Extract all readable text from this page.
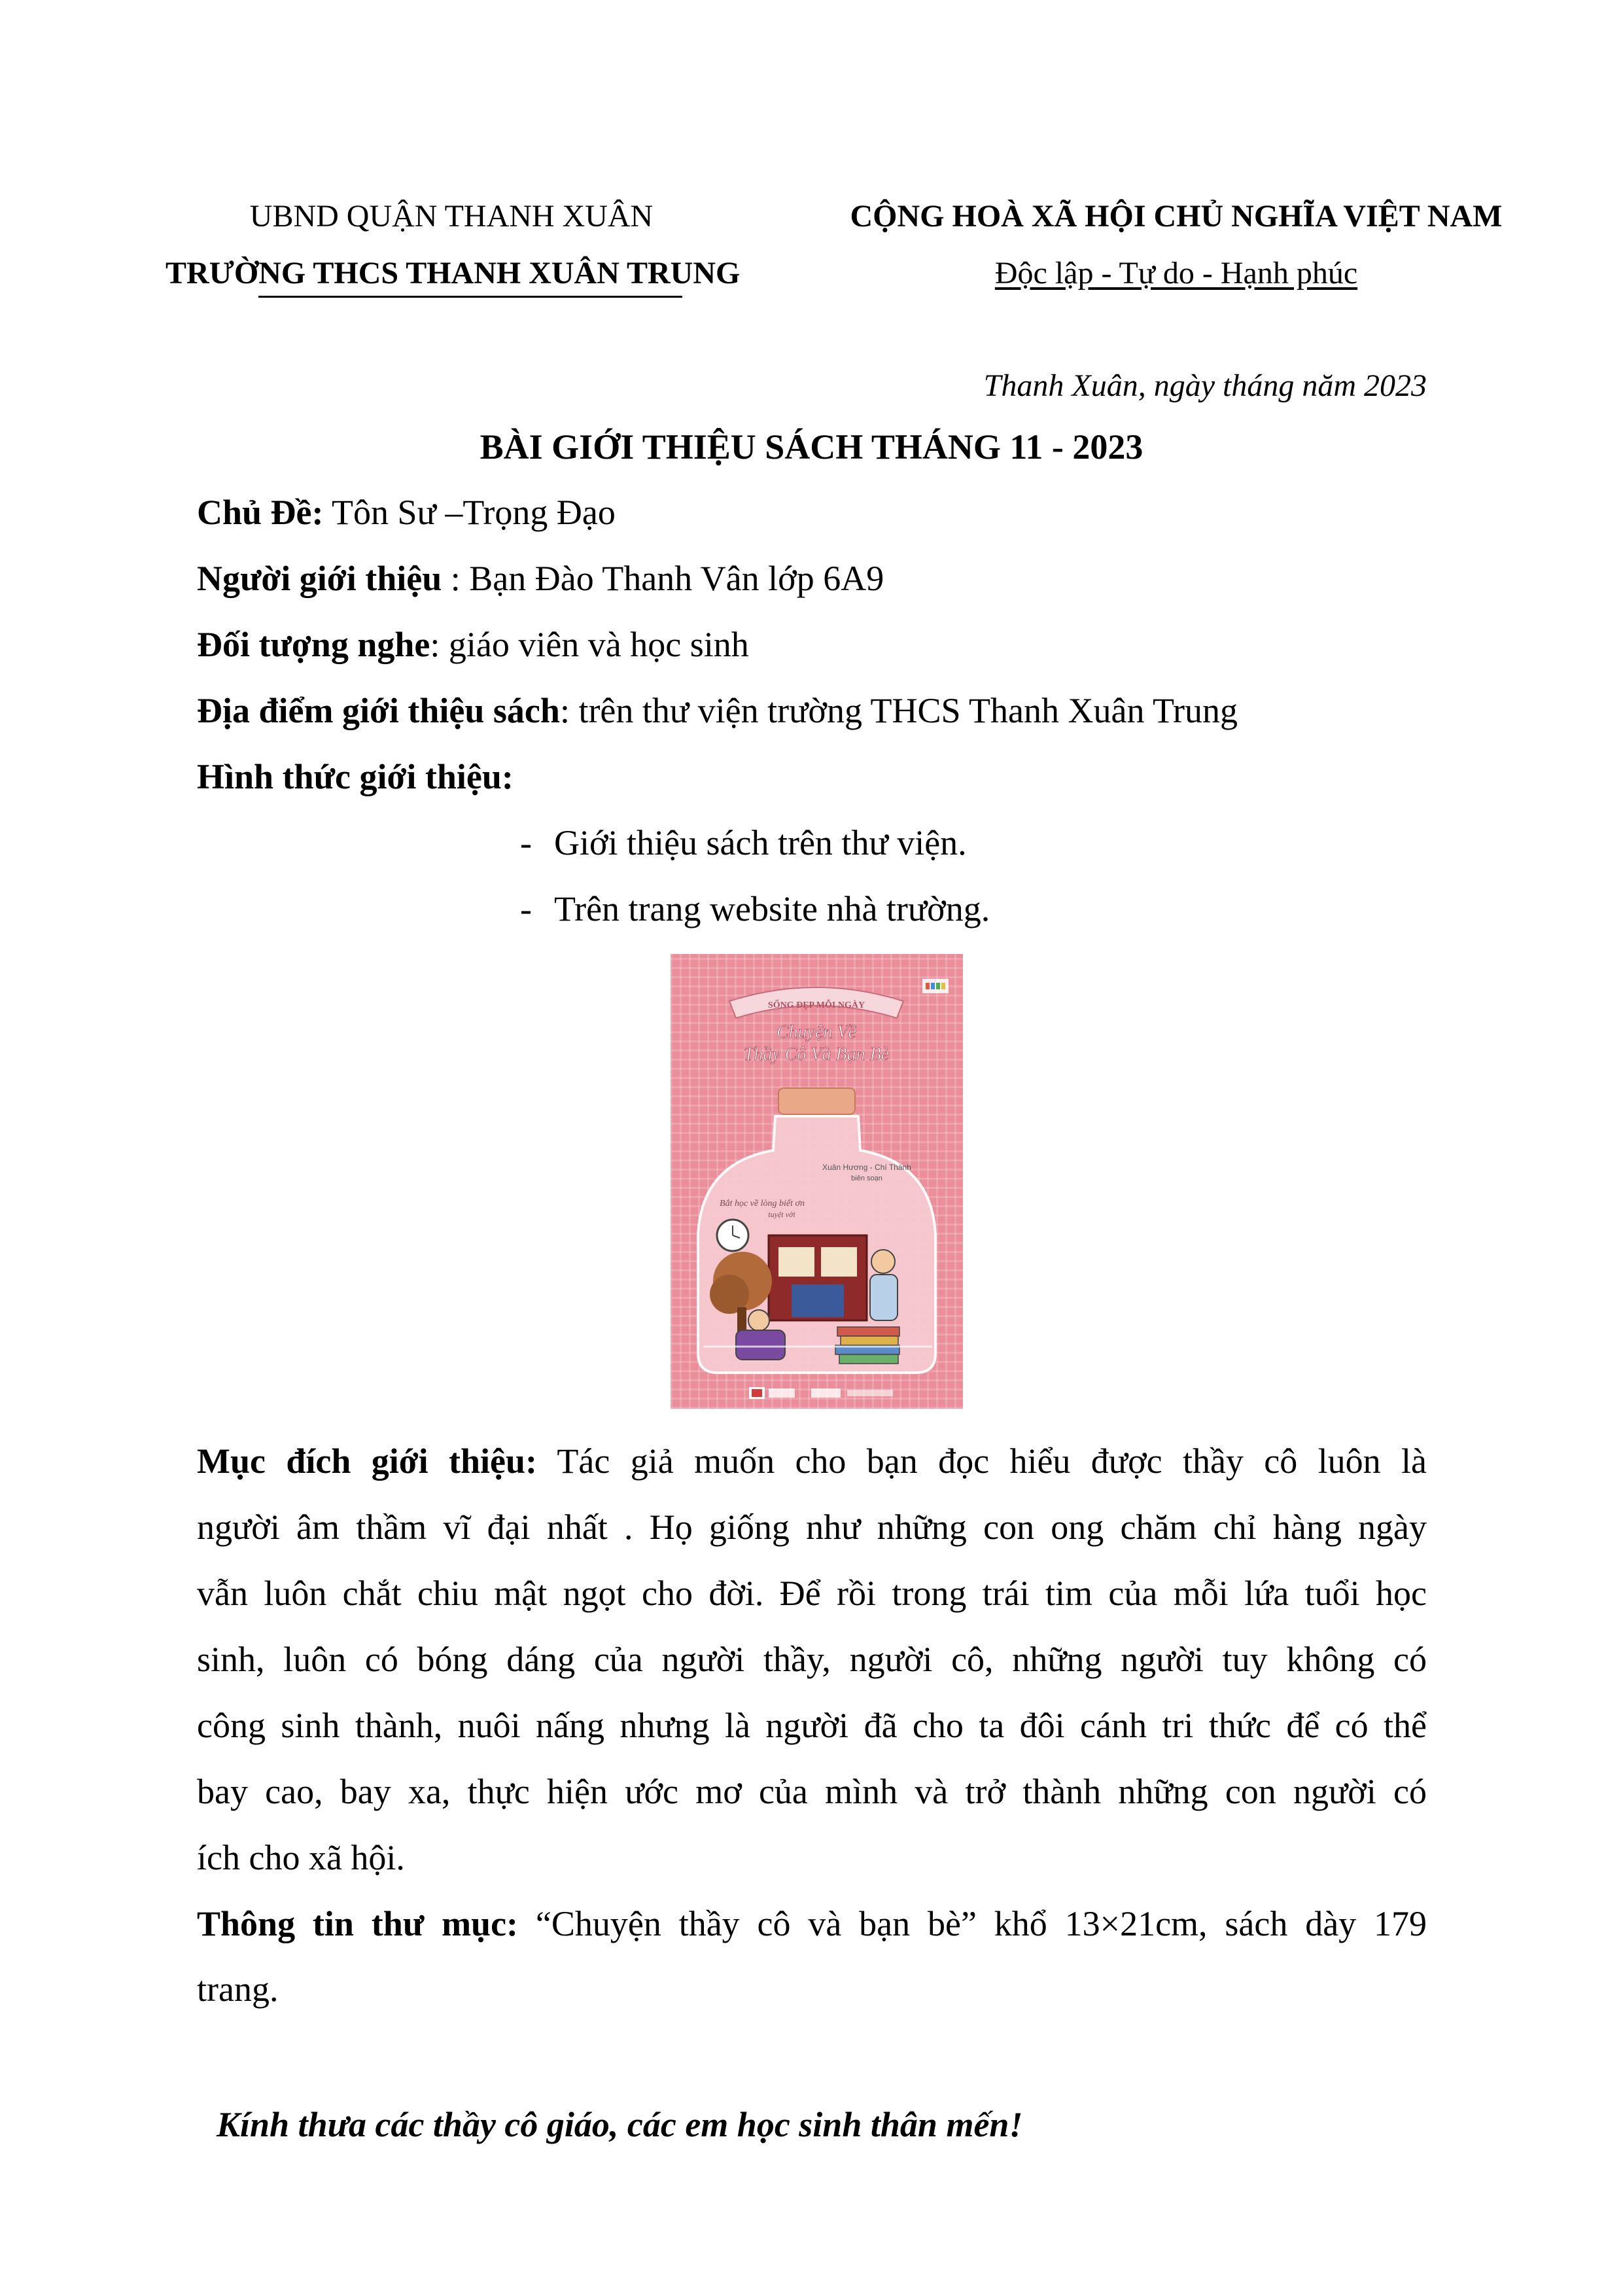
UBND QUẬN THANH XUÂN
TRƯỜNG THCS THANH XUÂN TRUNG
CỘNG HOÀ XÃ HỘI CHỦ NGHĨA VIỆT NAM
Độc lập - Tự do - Hạnh phúc
Thanh Xuân, ngày tháng năm 2023
BÀI GIỚI THIỆU SÁCH THÁNG 11 - 2023
Chủ Đề: Tôn Sư –Trọng Đạo
Người giới thiệu : Bạn Đào Thanh Vân lớp 6A9
Đối tượng nghe: giáo viên và học sinh
Địa điểm giới thiệu sách: trên thư viện trường THCS Thanh Xuân Trung
Hình thức giới thiệu:
- Giới thiệu sách trên thư viện.
- Trên trang website nhà trường.
SỐNG ĐẸP MỖI NGÀY
Chuyện Về
Thầy Cô Và Bạn Bè
Xuân Hương - Chí Thành
biên soạn
Bắt học về lòng biết ơn
tuyệt vời
Mục đích giới thiệu: Tác giả muốn cho bạn đọc hiểu được thầy cô luôn là
người âm thầm vĩ đại nhất . Họ giống như những con ong chăm chỉ hàng ngày
vẫn luôn chắt chiu mật ngọt cho đời. Để rồi trong trái tim của mỗi lứa tuổi học
sinh, luôn có bóng dáng của người thầy, người cô, những người tuy không có
công sinh thành, nuôi nấng nhưng là người đã cho ta đôi cánh tri thức để có thể
bay cao, bay xa, thực hiện ước mơ của mình và trở thành những con người có
ích cho xã hội.
Thông tin thư mục: “Chuyện thầy cô và bạn bè” khổ 13×21cm, sách dày 179
trang.
Kính thưa các thầy cô giáo, các em học sinh thân mến!
